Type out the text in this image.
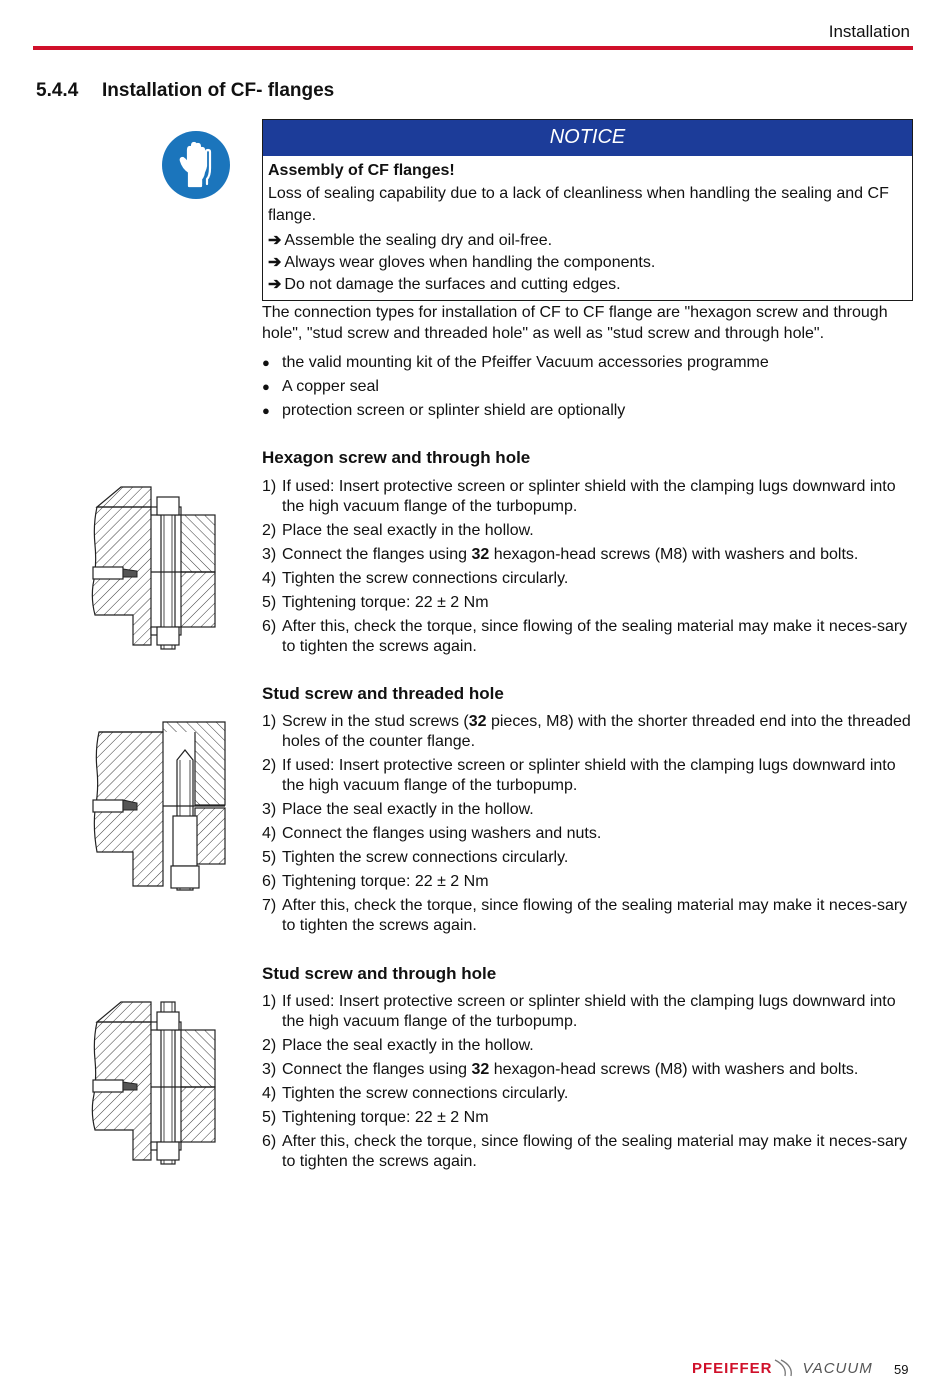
Installation
5.4.4 Installation of CF- flanges
NOTICE
Assembly of CF flanges!
Loss of sealing capability due to a lack of cleanliness when handling the sealing and CF flange.
➔ Assemble the sealing dry and oil-free.
➔ Always wear gloves when handling the components.
➔ Do not damage the surfaces and cutting edges.
The connection types for installation of CF to CF flange are "hexagon screw and through hole", "stud screw and threaded hole" as well as "stud screw and through hole".
● the valid mounting kit of the Pfeiffer Vacuum accessories programme
● A copper seal
● protection screen or splinter shield are optionally
Hexagon screw and through hole
1) If used: Insert protective screen or splinter shield with the clamping lugs downward into the high vacuum flange of the turbopump.
2) Place the seal exactly in the hollow.
3) Connect the flanges using 32 hexagon-head screws (M8) with washers and bolts.
4) Tighten the screw connections circularly.
5) Tightening torque: 22 ± 2 Nm
6) After this, check the torque, since flowing of the sealing material may make it neces-sary to tighten the screws again.
Stud screw and threaded hole
1) Screw in the stud screws (32 pieces, M8) with the shorter threaded end into the threaded holes of the counter flange.
2) If used: Insert protective screen or splinter shield with the clamping lugs downward into the high vacuum flange of the turbopump.
3) Place the seal exactly in the hollow.
4) Connect the flanges using washers and nuts.
5) Tighten the screw connections circularly.
6) Tightening torque: 22 ± 2 Nm
7) After this, check the torque, since flowing of the sealing material may make it neces-sary to tighten the screws again.
Stud screw and through hole
1) If used: Insert protective screen or splinter shield with the clamping lugs downward into the high vacuum flange of the turbopump.
2) Place the seal exactly in the hollow.
3) Connect the flanges using 32 hexagon-head screws (M8) with washers and bolts.
4) Tighten the screw connections circularly.
5) Tightening torque: 22 ± 2 Nm
6) After this, check the torque, since flowing of the sealing material may make it neces-sary to tighten the screws again.
PFEIFFER VACUUM 59
